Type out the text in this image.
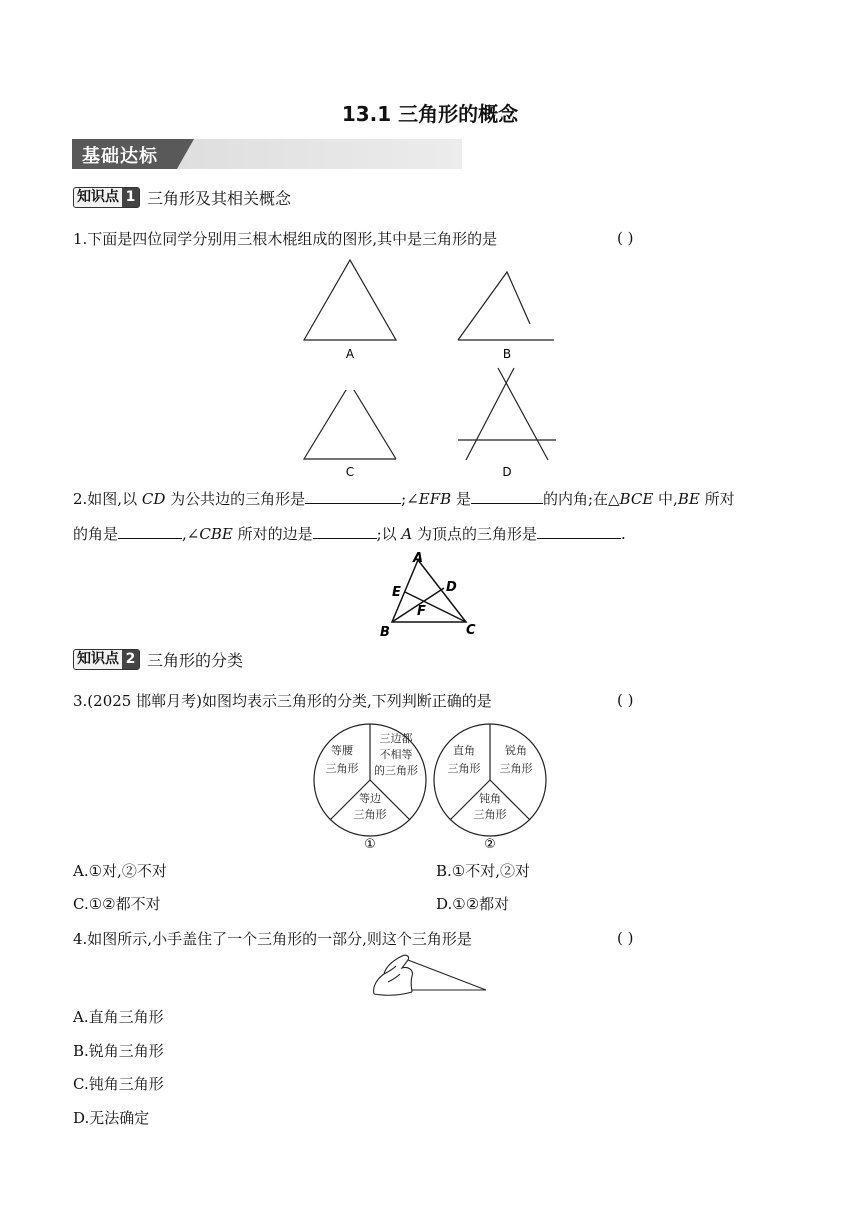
13.1 三角形的概念
基础达标
知识点 1 三角形及其相关概念
1.下面是四位同学分别用三根木棍组成的图形,其中是三角形的是	( )
A	B
C	D
2.如图,以 CD 为公共边的三角形是	;∠EFB 是	的内角;在△BCE 中,BE 所对
的角是	,∠CBE 所对的边是	;以 A 为顶点的三角形是	.
A
B	C
D
E
F
知识点 2 三角形的分类
3.(2025 邯郸月考)如图均表示三角形的分类,下列判断正确的是	( )
等腰
三角形
三边都
不相等
的三角形
等边
三角形
直角
三角形
锐角
三角形
钝角
三角形
①	②
A.①对,②不对	B.①不对,②对
C.①②都不对	D.①②都对
4.如图所示,小手盖住了一个三角形的一部分,则这个三角形是	( )
A.直角三角形
B.锐角三角形
C.钝角三角形
D.无法确定
